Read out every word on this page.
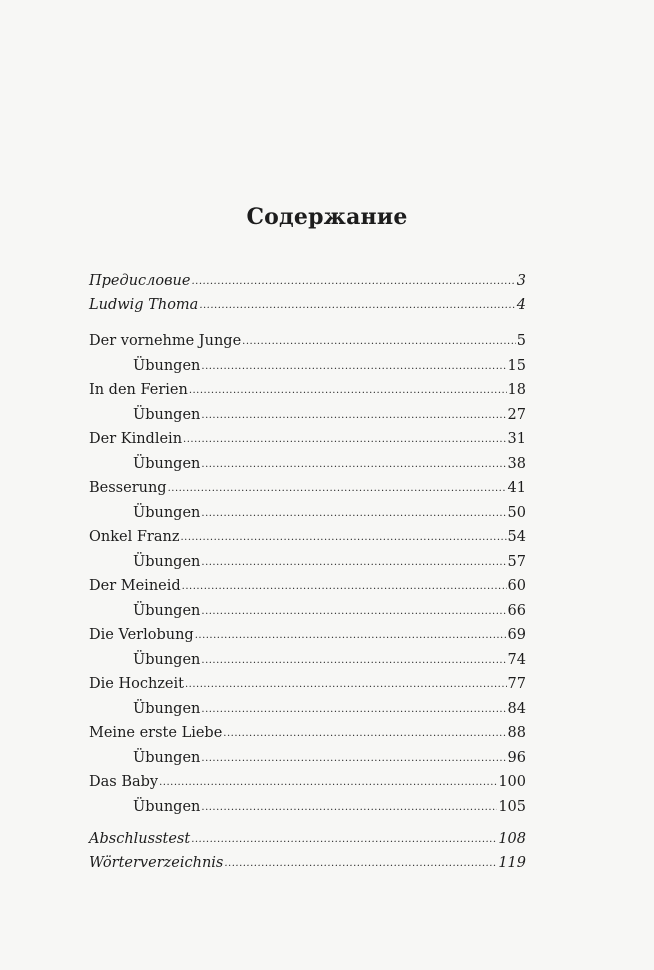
Содержание
Предисловие .....	3
Ludwig Thoma .....	4
Der vornehme Junge .....	5
Übungen .....	15
In den Ferien .....	18
Übungen .....	27
Der Kindlein .....	31
Übungen .....	38
Besserung .....	41
Übungen .....	50
Onkel Franz .....	54
Übungen .....	57
Der Meineid .....	60
Übungen .....	66
Die Verlobung .....	69
Übungen .....	74
Die Hochzeit .....	77
Übungen .....	84
Meine erste Liebe .....	88
Übungen .....	96
Das Baby .....	100
Übungen .....	105
Abschlusstest .....	108
Wörterverzeichnis .....	119
